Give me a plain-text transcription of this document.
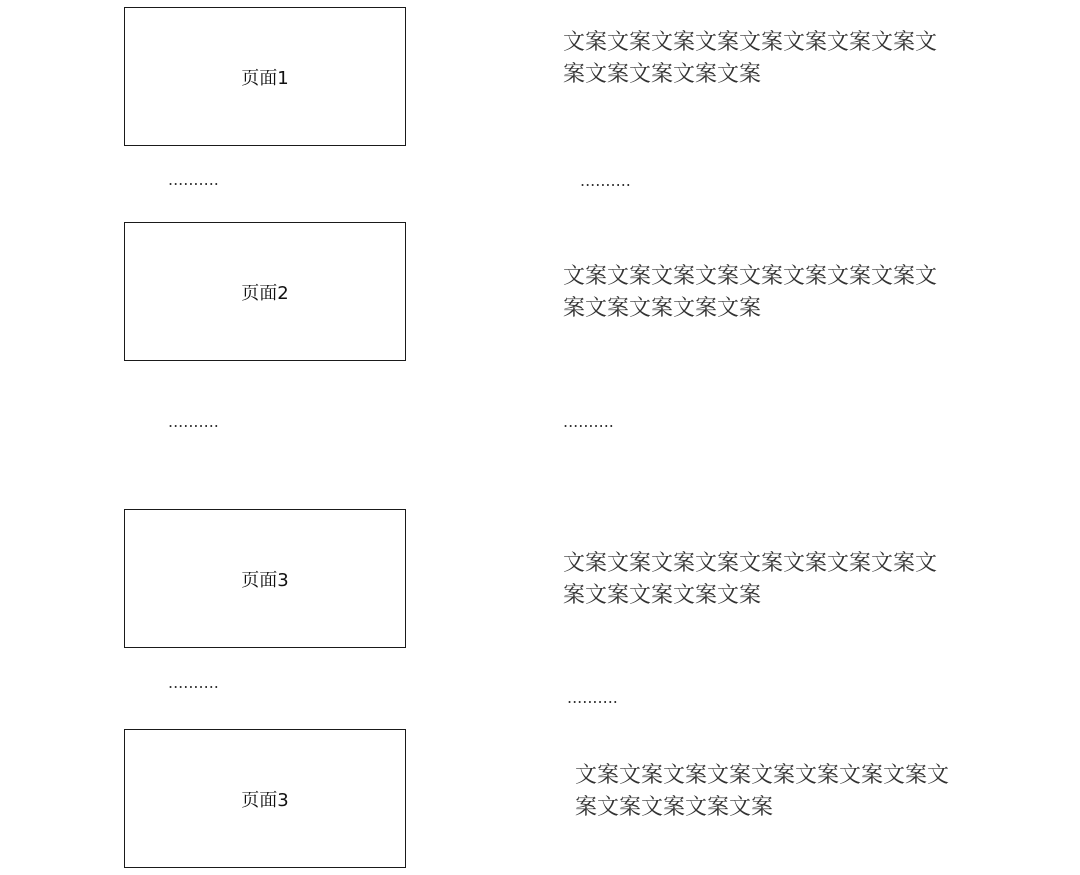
页面1
页面2
页面3
页面3
..........
..........
..........
文案文案文案文案文案文案文案文案文案文案文案文案文案
文案文案文案文案文案文案文案文案文案文案文案文案文案
文案文案文案文案文案文案文案文案文案文案文案文案文案
文案文案文案文案文案文案文案文案文案文案文案文案文案
..........
..........
..........
